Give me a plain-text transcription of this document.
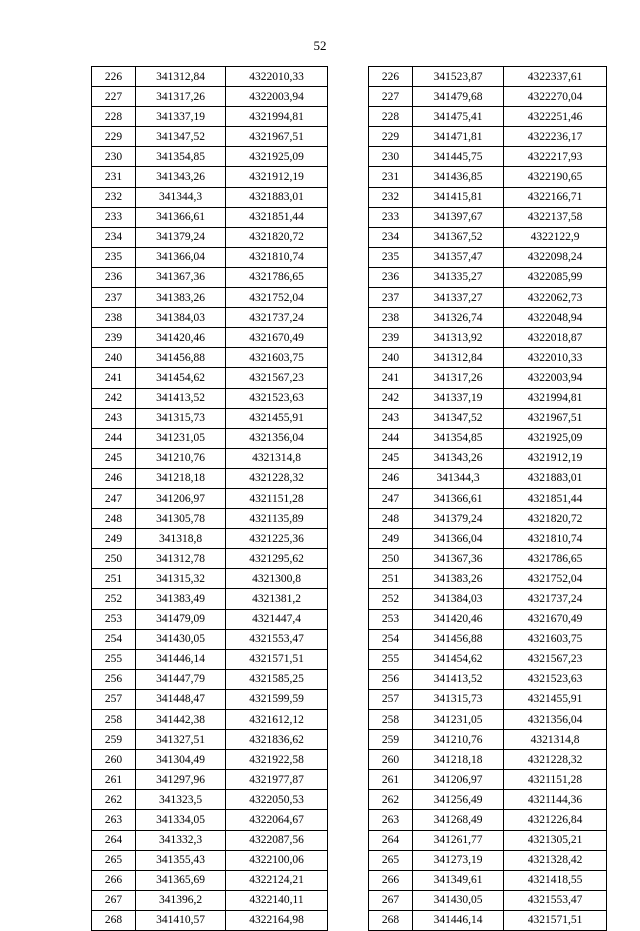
52
226	341312,84	4322010,33
227	341317,26	4322003,94
228	341337,19	4321994,81
229	341347,52	4321967,51
230	341354,85	4321925,09
231	341343,26	4321912,19
232	341344,3	4321883,01
233	341366,61	4321851,44
234	341379,24	4321820,72
235	341366,04	4321810,74
236	341367,36	4321786,65
237	341383,26	4321752,04
238	341384,03	4321737,24
239	341420,46	4321670,49
240	341456,88	4321603,75
241	341454,62	4321567,23
242	341413,52	4321523,63
243	341315,73	4321455,91
244	341231,05	4321356,04
245	341210,76	4321314,8
246	341218,18	4321228,32
247	341206,97	4321151,28
248	341305,78	4321135,89
249	341318,8	4321225,36
250	341312,78	4321295,62
251	341315,32	4321300,8
252	341383,49	4321381,2
253	341479,09	4321447,4
254	341430,05	4321553,47
255	341446,14	4321571,51
256	341447,79	4321585,25
257	341448,47	4321599,59
258	341442,38	4321612,12
259	341327,51	4321836,62
260	341304,49	4321922,58
261	341297,96	4321977,87
262	341323,5	4322050,53
263	341334,05	4322064,67
264	341332,3	4322087,56
265	341355,43	4322100,06
266	341365,69	4322124,21
267	341396,2	4322140,11
268	341410,57	4322164,98
226	341523,87	4322337,61
227	341479,68	4322270,04
228	341475,41	4322251,46
229	341471,81	4322236,17
230	341445,75	4322217,93
231	341436,85	4322190,65
232	341415,81	4322166,71
233	341397,67	4322137,58
234	341367,52	4322122,9
235	341357,47	4322098,24
236	341335,27	4322085,99
237	341337,27	4322062,73
238	341326,74	4322048,94
239	341313,92	4322018,87
240	341312,84	4322010,33
241	341317,26	4322003,94
242	341337,19	4321994,81
243	341347,52	4321967,51
244	341354,85	4321925,09
245	341343,26	4321912,19
246	341344,3	4321883,01
247	341366,61	4321851,44
248	341379,24	4321820,72
249	341366,04	4321810,74
250	341367,36	4321786,65
251	341383,26	4321752,04
252	341384,03	4321737,24
253	341420,46	4321670,49
254	341456,88	4321603,75
255	341454,62	4321567,23
256	341413,52	4321523,63
257	341315,73	4321455,91
258	341231,05	4321356,04
259	341210,76	4321314,8
260	341218,18	4321228,32
261	341206,97	4321151,28
262	341256,49	4321144,36
263	341268,49	4321226,84
264	341261,77	4321305,21
265	341273,19	4321328,42
266	341349,61	4321418,55
267	341430,05	4321553,47
268	341446,14	4321571,51
